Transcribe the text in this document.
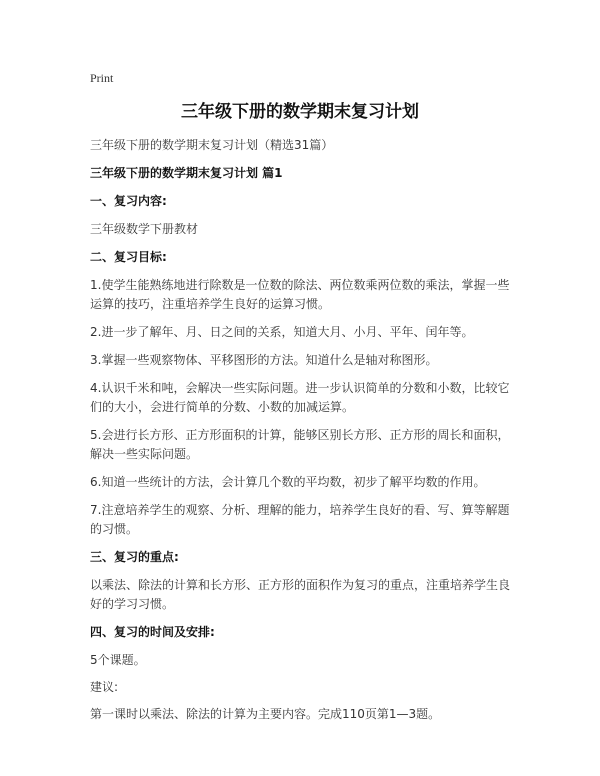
Print
三年级下册的数学期末复习计划
三年级下册的数学期末复习计划（精选31篇）
三年级下册的数学期末复习计划 篇1
一、复习内容:
三年级数学下册教材
二、复习目标:
1.使学生能熟练地进行除数是一位数的除法、两位数乘两位数的乘法，掌握一些运算的技巧，注重培养学生良好的运算习惯。
2.进一步了解年、月、日之间的关系，知道大月、小月、平年、闰年等。
3.掌握一些观察物体、平移图形的方法。知道什么是轴对称图形。
4.认识千米和吨，会解决一些实际问题。进一步认识简单的分数和小数，比较它们的大小，会进行简单的分数、小数的加减运算。
5.会进行长方形、正方形面积的计算，能够区别长方形、正方形的周长和面积，解决一些实际问题。
6.知道一些统计的方法，会计算几个数的平均数，初步了解平均数的作用。
7.注意培养学生的观察、分析、理解的能力，培养学生良好的看、写、算等解题的习惯。
三、复习的重点:
以乘法、除法的计算和长方形、正方形的面积作为复习的重点，注重培养学生良好的学习习惯。
四、复习的时间及安排:
5个课题。
建议:
第一课时以乘法、除法的计算为主要内容。完成110页第1—3题。
